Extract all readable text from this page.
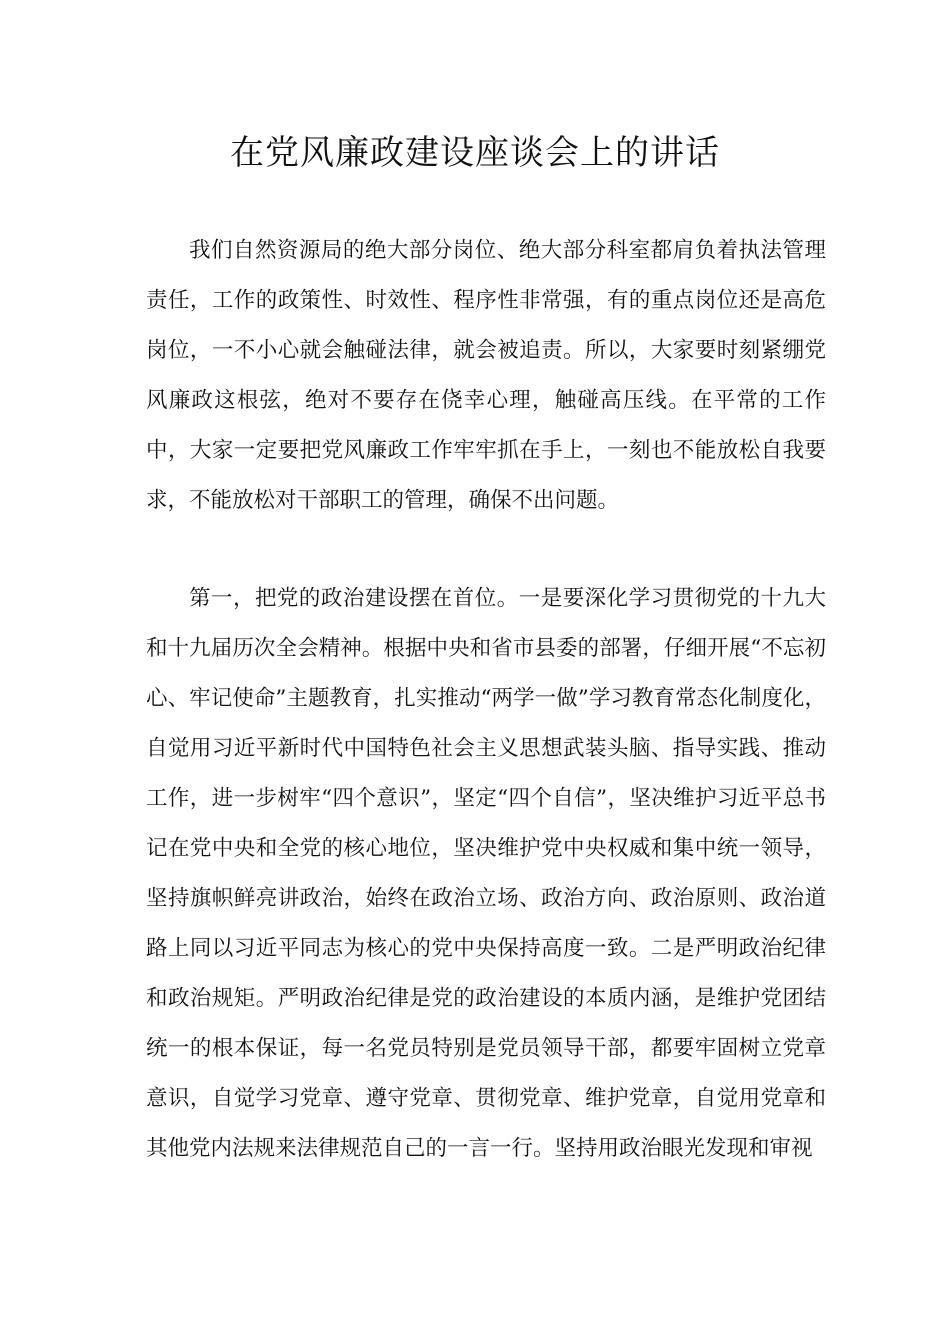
在党风廉政建设座谈会上的讲话

我们自然资源局的绝大部分岗位、绝大部分科室都肩负着执法管理责任，工作的政策性、时效性、程序性非常强，有的重点岗位还是高危岗位，一不小心就会触碰法律，就会被追责。所以，大家要时刻紧绷党风廉政这根弦，绝对不要存在侥幸心理，触碰高压线。在平常的工作中，大家一定要把党风廉政工作牢牢抓在手上，一刻也不能放松自我要求，不能放松对干部职工的管理，确保不出问题。

第一，把党的政治建设摆在首位。一是要深化学习贯彻党的十九大和十九届历次全会精神。根据中央和省市县委的部署，仔细开展“不忘初心、牢记使命”主题教育，扎实推动“两学一做”学习教育常态化制度化，自觉用习近平新时代中国特色社会主义思想武装头脑、指导实践、推动工作，进一步树牢“四个意识”，坚定“四个自信”，坚决维护习近平总书记在党中央和全党的核心地位，坚决维护党中央权威和集中统一领导，坚持旗帜鲜亮讲政治，始终在政治立场、政治方向、政治原则、政治道路上同以习近平同志为核心的党中央保持高度一致。二是严明政治纪律和政治规矩。严明政治纪律是党的政治建设的本质内涵，是维护党团结统一的根本保证，每一名党员特别是党员领导干部，都要牢固树立党章意识，自觉学习党章、遵守党章、贯彻党章、维护党章，自觉用党章和其他党内法规来法律规范自己的一言一行。坚持用政治眼光发现和审视
